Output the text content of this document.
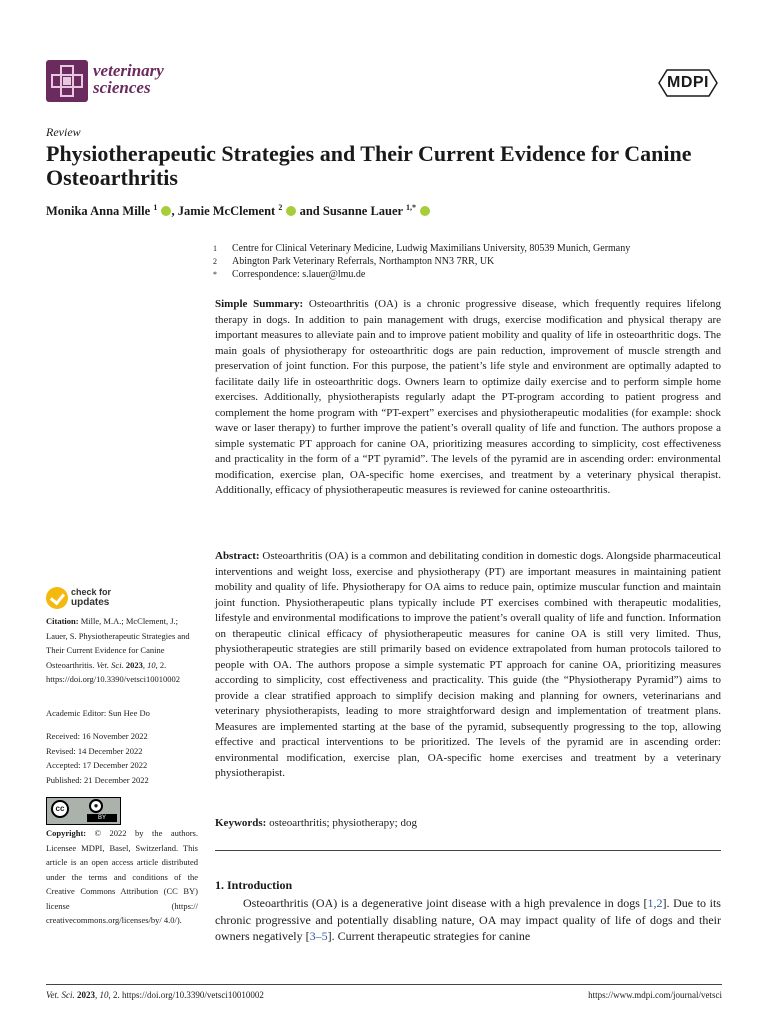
veterinary
sciences	MDPI
Review
Physiotherapeutic Strategies and Their Current Evidence for Canine Osteoarthritis
Monika Anna Mille $^1$ , Jamie McClement $^2$  and Susanne Lauer $^{1,*}$
1	Centre for Clinical Veterinary Medicine, Ludwig Maximilians University, 80539 Munich, Germany
2	Abington Park Veterinary Referrals, Northampton NN3 7RR, UK
*	Correspondence: s.lauer@lmu.de
Simple Summary: Osteoarthritis (OA) is a chronic progressive disease, which frequently requires lifelong therapy in dogs. In addition to pain management with drugs, exercise modification and physical therapy are important measures to alleviate pain and to improve patient mobility and quality of life in osteoarthritic dogs. The main goals of physiotherapy for osteoarthritic dogs are pain reduction, improvement of muscle strength and preservation of joint function. For this purpose, the patient’s life style and environment are optimally adapted to facilitate daily life in osteoarthritic dogs. Owners learn to optimize daily exercise and to perform simple home exercises. Additionally, physiotherapists regularly adapt the PT-program according to patient progress and complement the home program with “PT-expert” exercises and physiotherapeutic modalities (for example: shock wave or laser therapy) to further improve the patient’s overall quality of life and function. The authors propose a simple systematic PT approach for canine OA, prioritizing measures according to simplicity, cost effectiveness and practicality in the form of a “PT pyramid”. The levels of the pyramid are in ascending order: environmental modification, exercise plan, OA-specific home exercises, and treatment by a veterinary physical therapist. Additionally, efficacy of physiotherapeutic measures is reviewed for canine osteoarthritis.
Abstract: Osteoarthritis (OA) is a common and debilitating condition in domestic dogs. Alongside pharmaceutical interventions and weight loss, exercise and physiotherapy (PT) are important measures in maintaining patient mobility and quality of life. Physiotherapy for OA aims to reduce pain, optimize muscular function and maintain joint function. Physiotherapeutic plans typically include PT exercises combined with therapeutic modalities, lifestyle and environmental modifications to improve the patient’s overall quality of life and function. Information on therapeutic clinical efficacy of physiotherapeutic measures for canine OA is still very limited. Thus, physiotherapeutic strategies are still primarily based on evidence extrapolated from human protocols tailored to people with OA. The authors propose a simple systematic PT approach for canine OA, prioritizing measures according to simplicity, cost effectiveness and practicality. This guide (the “Physiotherapy Pyramid”) aims to provide a clear stratified approach to simplify decision making and planning for owners, veterinarians and veterinary physiotherapists, leading to more straightforward design and implementation of treatment plans. Measures are implemented starting at the base of the pyramid, subsequently progressing to the top, allowing effective and practical interventions to be prioritized. The levels of the pyramid are in ascending order: environmental modification, exercise plan, OA-specific home exercises and treatment by a veterinary physiotherapist.
Keywords: osteoarthritis; physiotherapy; dog
1. Introduction
Osteoarthritis (OA) is a degenerative joint disease with a high prevalence in dogs [1,2]. Due to its chronic progressive and potentially disabling nature, OA may impact quality of life of dogs and their owners negatively [3–5]. Current therapeutic strategies for canine
check for
updates
Citation: Mille, M.A.; McClement, J.; Lauer, S. Physiotherapeutic Strategies and Their Current Evidence for Canine Osteoarthritis. Vet. Sci. 2023, 10, 2. https://doi.org/10.3390/vetsci10010002
Academic Editor: Sun Hee Do
Received: 16 November 2022
Revised: 14 December 2022
Accepted: 17 December 2022
Published: 21 December 2022
cc	●
BY
Copyright: © 2022 by the authors. Licensee MDPI, Basel, Switzerland. This article is an open access article distributed under the terms and conditions of the Creative Commons Attribution (CC BY) license (https:// creativecommons.org/licenses/by/ 4.0/).
Vet. Sci. 2023, 10, 2. https://doi.org/10.3390/vetsci10010002	https://www.mdpi.com/journal/vetsci
